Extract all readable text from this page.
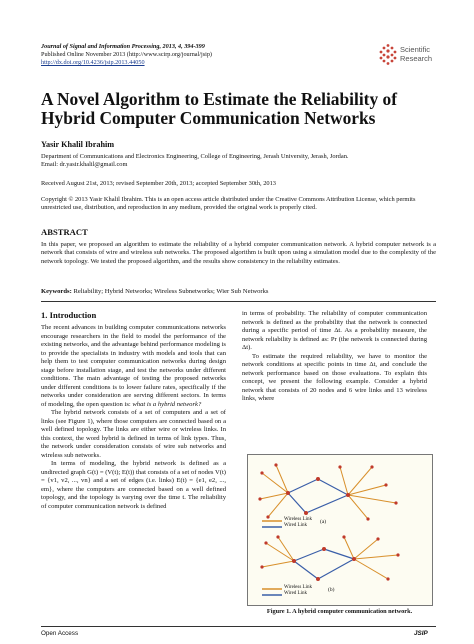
Journal of Signal and Information Processing, 2013, 4, 394-399
Published Online November 2013 (http://www.scirp.org/journal/jsip)
http://dx.doi.org/10.4236/jsip.2013.44050
Scientific
Research
A Novel Algorithm to Estimate the Reliability of Hybrid Computer Communication Networks
Yasir Khalil Ibrahim
Department of Communications and Electronics Engineering, College of Engineering, Jerash University, Jerash, Jordan.
Email: dr.yasir.khalil@gmail.com
Received August 21st, 2013; revised September 20th, 2013; accepted September 30th, 2013
Copyright © 2013 Yasir Khalil Ibrahim. This is an open access article distributed under the Creative Commons Attribution License, which permits unrestricted use, distribution, and reproduction in any medium, provided the original work is properly cited.
ABSTRACT
In this paper, we proposed an algorithm to estimate the reliability of a hybrid computer communication network. A hybrid computer network is a network that consists of wire and wireless sub networks. The proposed algorithm is built upon using a simulation model due to the complexity of the network topology. We tested the proposed algorithm, and the results show consistency in the reliability estimates.
Keywords: Reliability; Hybrid Networks; Wireless Subnetworks; Wier Sub Networks
1. Introduction

The recent advances in building computer communications networks encourage researchers in the field to model the performance of the existing networks, and the advantage behind performance modeling is to provide the specialists in industry with models and tools that can help them to test computer communication networks during design stage before installation stage, and test the networks under different conditions. The main advantage of testing the proposed networks under different conditions is to lower failure rates, specifically if the networks under consideration are serving different sectors. In terms of modeling, the open question is: what is a hybrid network?

The hybrid network consists of a set of computers and a set of links (see Figure 1), where those computers are connected based on a well defined topology. The links are either wire or wireless links. In this context, the word hybrid is defined in terms of link types. Thus, the network under consideration consists of wire sub networks and wireless sub networks.

In terms of modeling, the hybrid network is defined as a undirected graph G(t) = (V(t); E(t)) that consists of a set of nodes V(t) = {v1, v2, ..., vn} and a set of edges (i.e. links) E(t) = {e1, e2, ..., em}, where the computers are connected based on a well defined topology, and the topology is varying over the time t. The reliability of computer communication network is defined

in terms of probability. The reliability of computer communication network is defined as the probability that the network is connected during a specific period of time Δt. As a probability measure, the network reliability is defined as: Pr (the network is connected during Δt).

To estimate the required reliability, we have to monitor the network conditions at specific points in time Δt, and conclude the network performance based on those evaluations. To explain this concept, we present the following example. Consider a hybrid network that consists of 20 nodes and 6 wire links and 13 wireless links, where

Wireless Link
Wired Link
(a)
Wireless Link
Wired Link
(b)
Figure 1. A hybrid computer communication network.
Open Access	JSIP
